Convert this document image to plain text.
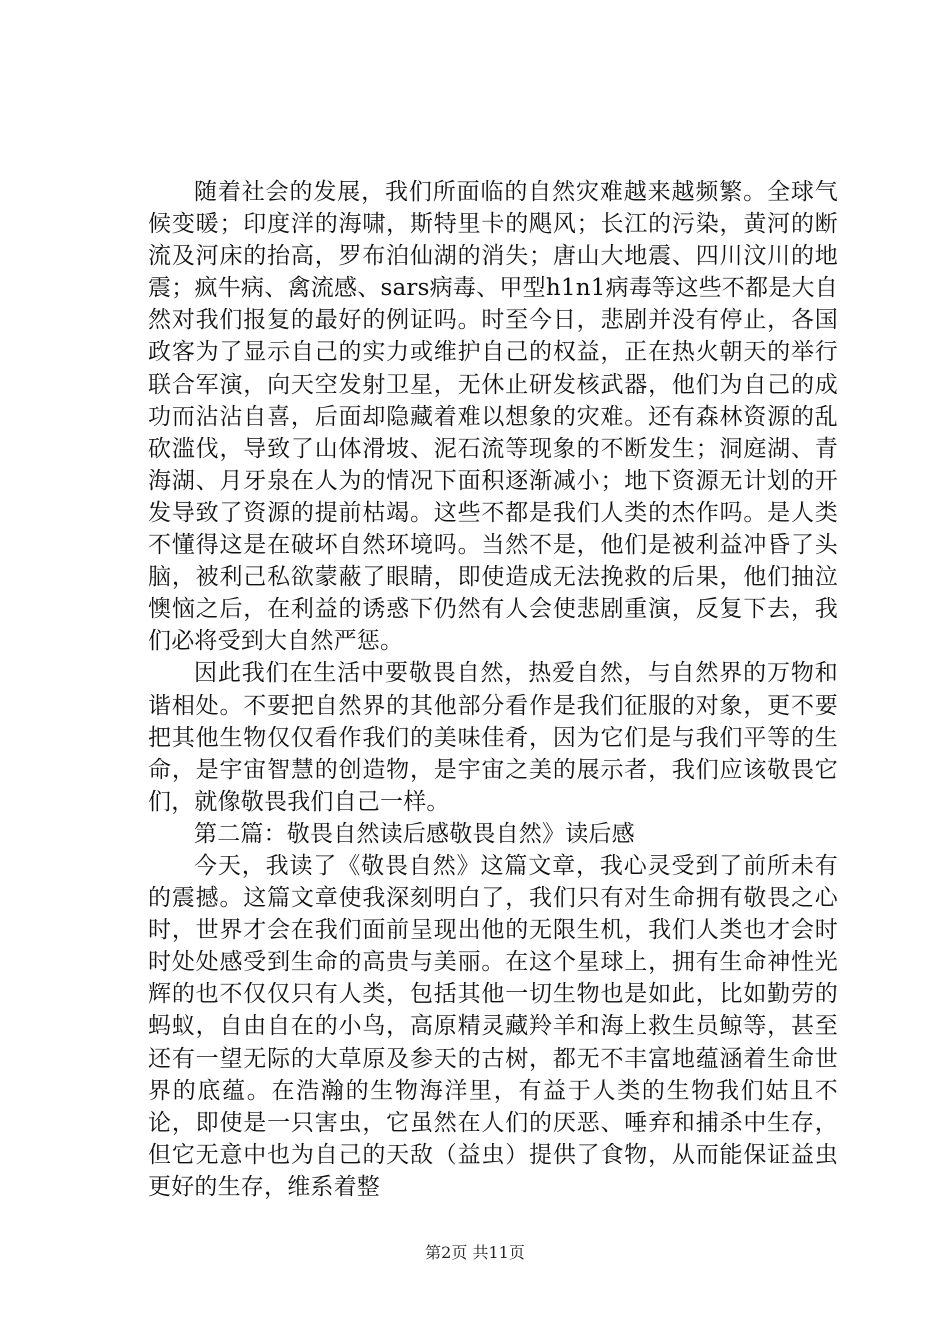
随着社会的发展，我们所面临的自然灾难越来越频繁。全球气候变暖；印度洋的海啸，斯特里卡的飓风；长江的污染，黄河的断流及河床的抬高，罗布泊仙湖的消失；唐山大地震、四川汶川的地震；疯牛病、禽流感、sars病毒、甲型h1n1病毒等这些不都是大自然对我们报复的最好的例证吗。时至今日，悲剧并没有停止，各国政客为了显示自己的实力或维护自己的权益，正在热火朝天的举行联合军演，向天空发射卫星，无休止研发核武器，他们为自己的成功而沾沾自喜，后面却隐藏着难以想象的灾难。还有森林资源的乱砍滥伐，导致了山体滑坡、泥石流等现象的不断发生；洞庭湖、青海湖、月牙泉在人为的情况下面积逐渐减小；地下资源无计划的开发导致了资源的提前枯竭。这些不都是我们人类的杰作吗。是人类不懂得这是在破坏自然环境吗。当然不是，他们是被利益冲昏了头脑，被利己私欲蒙蔽了眼睛，即使造成无法挽救的后果，他们抽泣懊恼之后，在利益的诱惑下仍然有人会使悲剧重演，反复下去，我们必将受到大自然严惩。

因此我们在生活中要敬畏自然，热爱自然，与自然界的万物和谐相处。不要把自然界的其他部分看作是我们征服的对象，更不要把其他生物仅仅看作我们的美味佳肴，因为它们是与我们平等的生命，是宇宙智慧的创造物，是宇宙之美的展示者，我们应该敬畏它们，就像敬畏我们自己一样。

第二篇：敬畏自然读后感敬畏自然》读后感

今天，我读了《敬畏自然》这篇文章，我心灵受到了前所未有的震撼。这篇文章使我深刻明白了，我们只有对生命拥有敬畏之心时，世界才会在我们面前呈现出他的无限生机，我们人类也才会时时处处感受到生命的高贵与美丽。在这个星球上，拥有生命神性光辉的也不仅仅只有人类，包括其他一切生物也是如此，比如勤劳的蚂蚁，自由自在的小鸟，高原精灵藏羚羊和海上救生员鲸等，甚至还有一望无际的大草原及参天的古树，都无不丰富地蕴涵着生命世界的底蕴。在浩瀚的生物海洋里，有益于人类的生物我们姑且不论，即使是一只害虫，它虽然在人们的厌恶、唾弃和捕杀中生存，但它无意中也为自己的天敌（益虫）提供了食物，从而能保证益虫更好的生存，维系着整

第2页 共11页
